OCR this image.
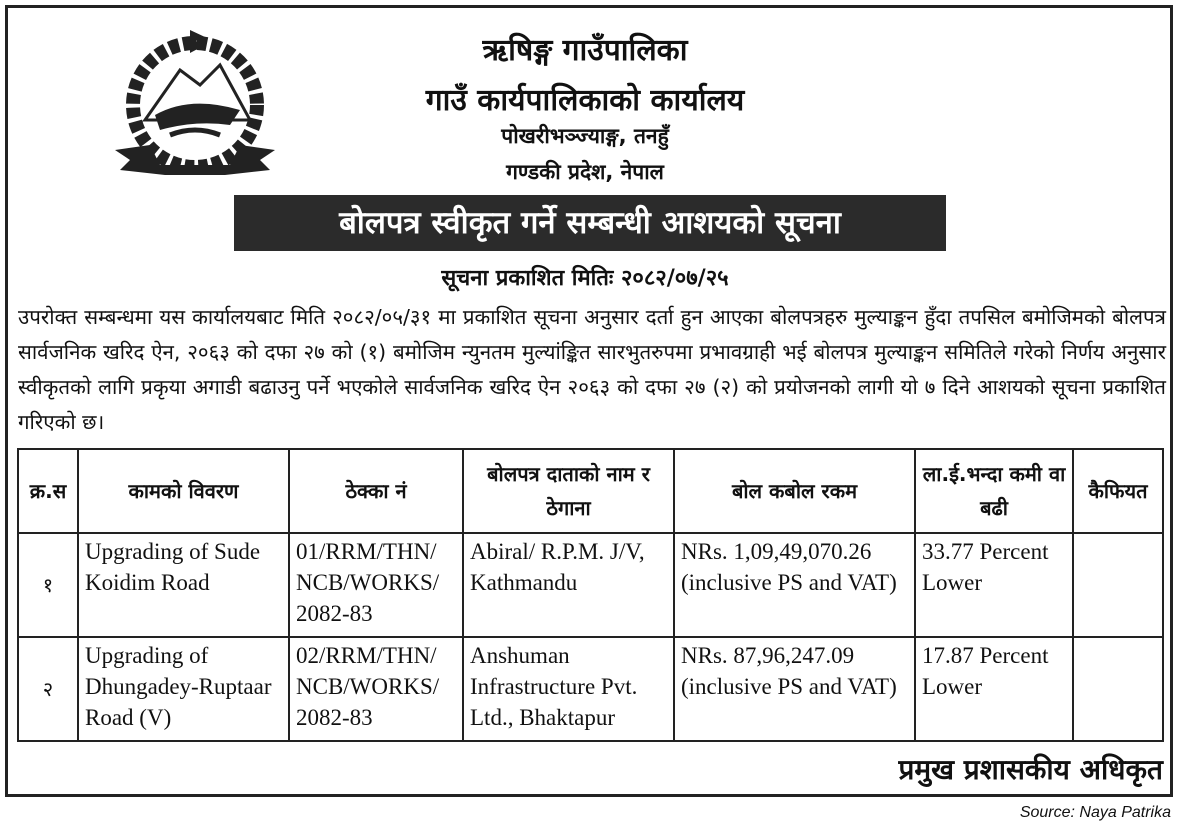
ऋषिङ्ग गाउँपालिका
गाउँ कार्यपालिकाको कार्यालय
पोखरीभञ्ज्याङ्ग, तनहुँ
गण्डकी प्रदेश, नेपाल
बोलपत्र स्वीकृत गर्ने सम्बन्धी आशयको सूचना
सूचना प्रकाशित मितिः २०८२/०७/२५
उपरोक्त सम्बन्धमा यस कार्यालयबाट मिति २०८२/०५/३१ मा प्रकाशित सूचना अनुसार दर्ता हुन आएका बोलपत्रहरु मुल्याङ्कन हुँदा तपसिल बमोजिमको बोलपत्र सार्वजनिक खरिद ऐन, २०६३ को दफा २७ को (१) बमोजिम न्युनतम मुल्यांङ्कित सारभुतरुपमा प्रभावग्राही भई बोलपत्र मुल्याङ्कन समितिले गरेको निर्णय अनुसार स्वीकृतको लागि प्रकृया अगाडी बढाउनु पर्ने भएकोले सार्वजनिक खरिद ऐन २०६३ को दफा २७ (२) को प्रयोजनको लागी यो ७ दिने आशयको सूचना प्रकाशित गरिएको छ।
क्र.स	कामको विवरण	ठेक्का नं	बोलपत्र दाताको नाम र ठेगाना	बोल कबोल रकम	ला.ई.भन्दा कमी वा बढी	कैफियत
१	Upgrading of Sude Koidim Road	01/RRM/THN/ NCB/WORKS/ 2082-83	Abiral/ R.P.M. J/V, Kathmandu	NRs. 1,09,49,070.26 (inclusive PS and VAT)	33.77 Percent Lower	
२	Upgrading of Dhungadey-Ruptaar Road (V)	02/RRM/THN/ NCB/WORKS/ 2082-83	Anshuman Infrastructure Pvt. Ltd., Bhaktapur	NRs. 87,96,247.09 (inclusive PS and VAT)	17.87 Percent Lower	
प्रमुख प्रशासकीय अधिकृत
Source: Naya Patrika
